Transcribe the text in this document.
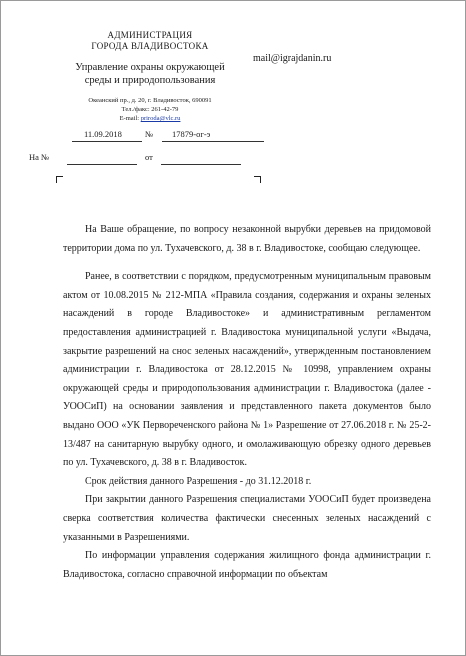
АДМИНИСТРАЦИЯ
ГОРОДА ВЛАДИВОСТОКА
Управление охраны окружающей
среды и природопользования
Океанский пр., д. 20, г. Владивосток, 690091
Тел./факс: 261-42-79
E-mail: priroda@vlc.ru
mail@igrajdanin.ru
11.09.2018	№ 17879-ог-э
На №	от

На Ваше обращение, по вопросу незаконной вырубки деревьев на придомовой территории дома по ул. Тухачевского, д. 38 в г. Владивостоке, сообщаю следующее.

Ранее, в соответствии с порядком, предусмотренным муниципальным правовым актом от 10.08.2015 № 212-МПА «Правила создания, содержания и охраны зеленых насаждений в городе Владивостоке» и административным регламентом предоставления администрацией г. Владивостока муниципальной услуги «Выдача, закрытие разрешений на снос зеленых насаждений», утвержденным постановлением администрации г. Владивостока от 28.12.2015 № 10998, управлением охраны окружающей среды и природопользования администрации г. Владивостока (далее - УООСиП) на основании заявления и представленного пакета документов было выдано ООО «УК Первореченского района № 1» Разрешение от 27.06.2018 г. № 25-2-13/487 на санитарную вырубку одного, и омолаживающую обрезку одного деревьев по ул. Тухачевского, д. 38 в г. Владивосток.

Срок действия данного Разрешения - до 31.12.2018 г.

При закрытии данного Разрешения специалистами УООСиП будет произведена сверка соответствия количества фактически снесенных зеленых насаждений с указанными в Разрешениями.

По информации управления содержания жилищного фонда администрации г. Владивостока, согласно справочной информации по объектам
